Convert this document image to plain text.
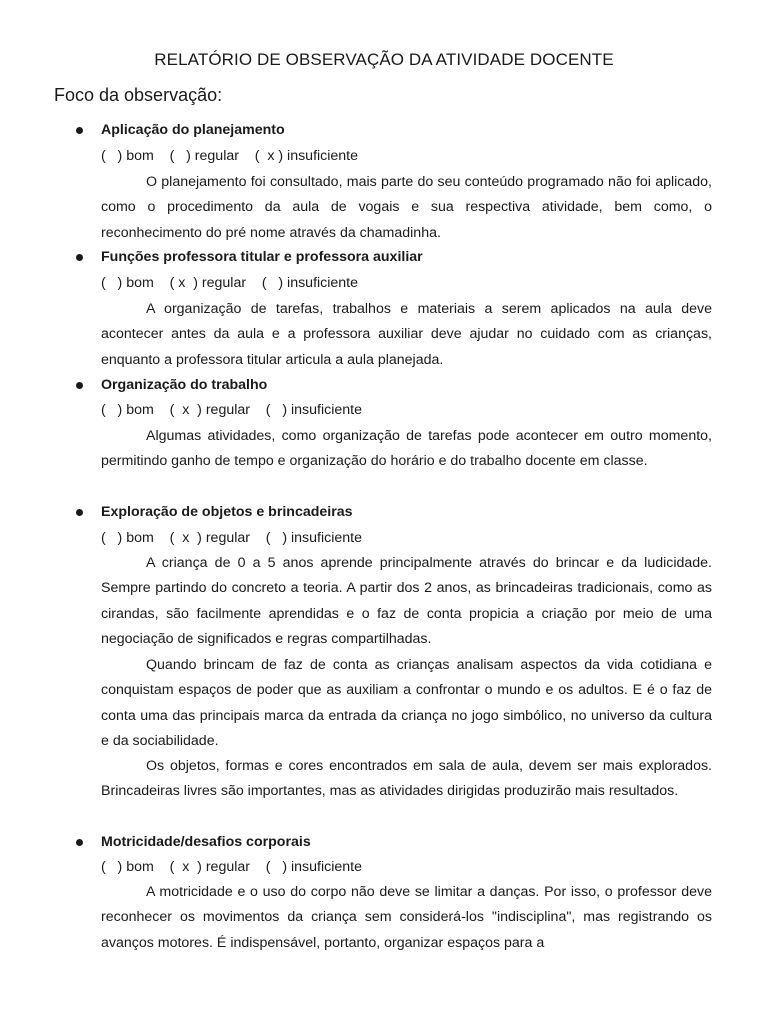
RELATÓRIO DE OBSERVAÇÃO DA ATIVIDADE DOCENTE
Foco da observação:
Aplicação do planejamento
(   ) bom    (   ) regular    (  x ) insuficiente

O planejamento foi consultado, mais parte do seu conteúdo programado não foi aplicado, como o procedimento da aula de vogais e sua respectiva atividade, bem como, o reconhecimento do pré nome através da chamadinha.

Funções professora titular e professora auxiliar
(   ) bom    ( x  ) regular    (   ) insuficiente

A organização de tarefas, trabalhos e materiais a serem aplicados na aula deve acontecer antes da aula e a professora auxiliar deve ajudar no cuidado com as crianças, enquanto a professora titular articula a aula planejada.

Organização do trabalho
(   ) bom    (  x  ) regular    (   ) insuficiente

Algumas atividades, como organização de tarefas pode acontecer em outro momento, permitindo ganho de tempo e organização do horário e do trabalho docente em classe.

Exploração de objetos e brincadeiras
(   ) bom    (  x  ) regular    (   ) insuficiente

A criança de 0 a 5 anos aprende principalmente através do brincar e da ludicidade. Sempre partindo do concreto a teoria. A partir dos 2 anos, as brincadeiras tradicionais, como as cirandas, são facilmente aprendidas e o faz de conta propicia a criação por meio de uma negociação de significados e regras compartilhadas.

Quando brincam de faz de conta as crianças analisam aspectos da vida cotidiana e conquistam espaços de poder que as auxiliam a confrontar o mundo e os adultos. E é o faz de conta uma das principais marca da entrada da criança no jogo simbólico, no universo da cultura e da sociabilidade.

Os objetos, formas e cores encontrados em sala de aula, devem ser mais explorados. Brincadeiras livres são importantes, mas as atividades dirigidas produzirão mais resultados.

Motricidade/desafios corporais
(   ) bom    (  x  ) regular    (   ) insuficiente

A motricidade e o uso do corpo não deve se limitar a danças. Por isso, o professor deve reconhecer os movimentos da criança sem considerá-los "indisciplina", mas registrando os avanços motores. É indispensável, portanto, organizar espaços para a
